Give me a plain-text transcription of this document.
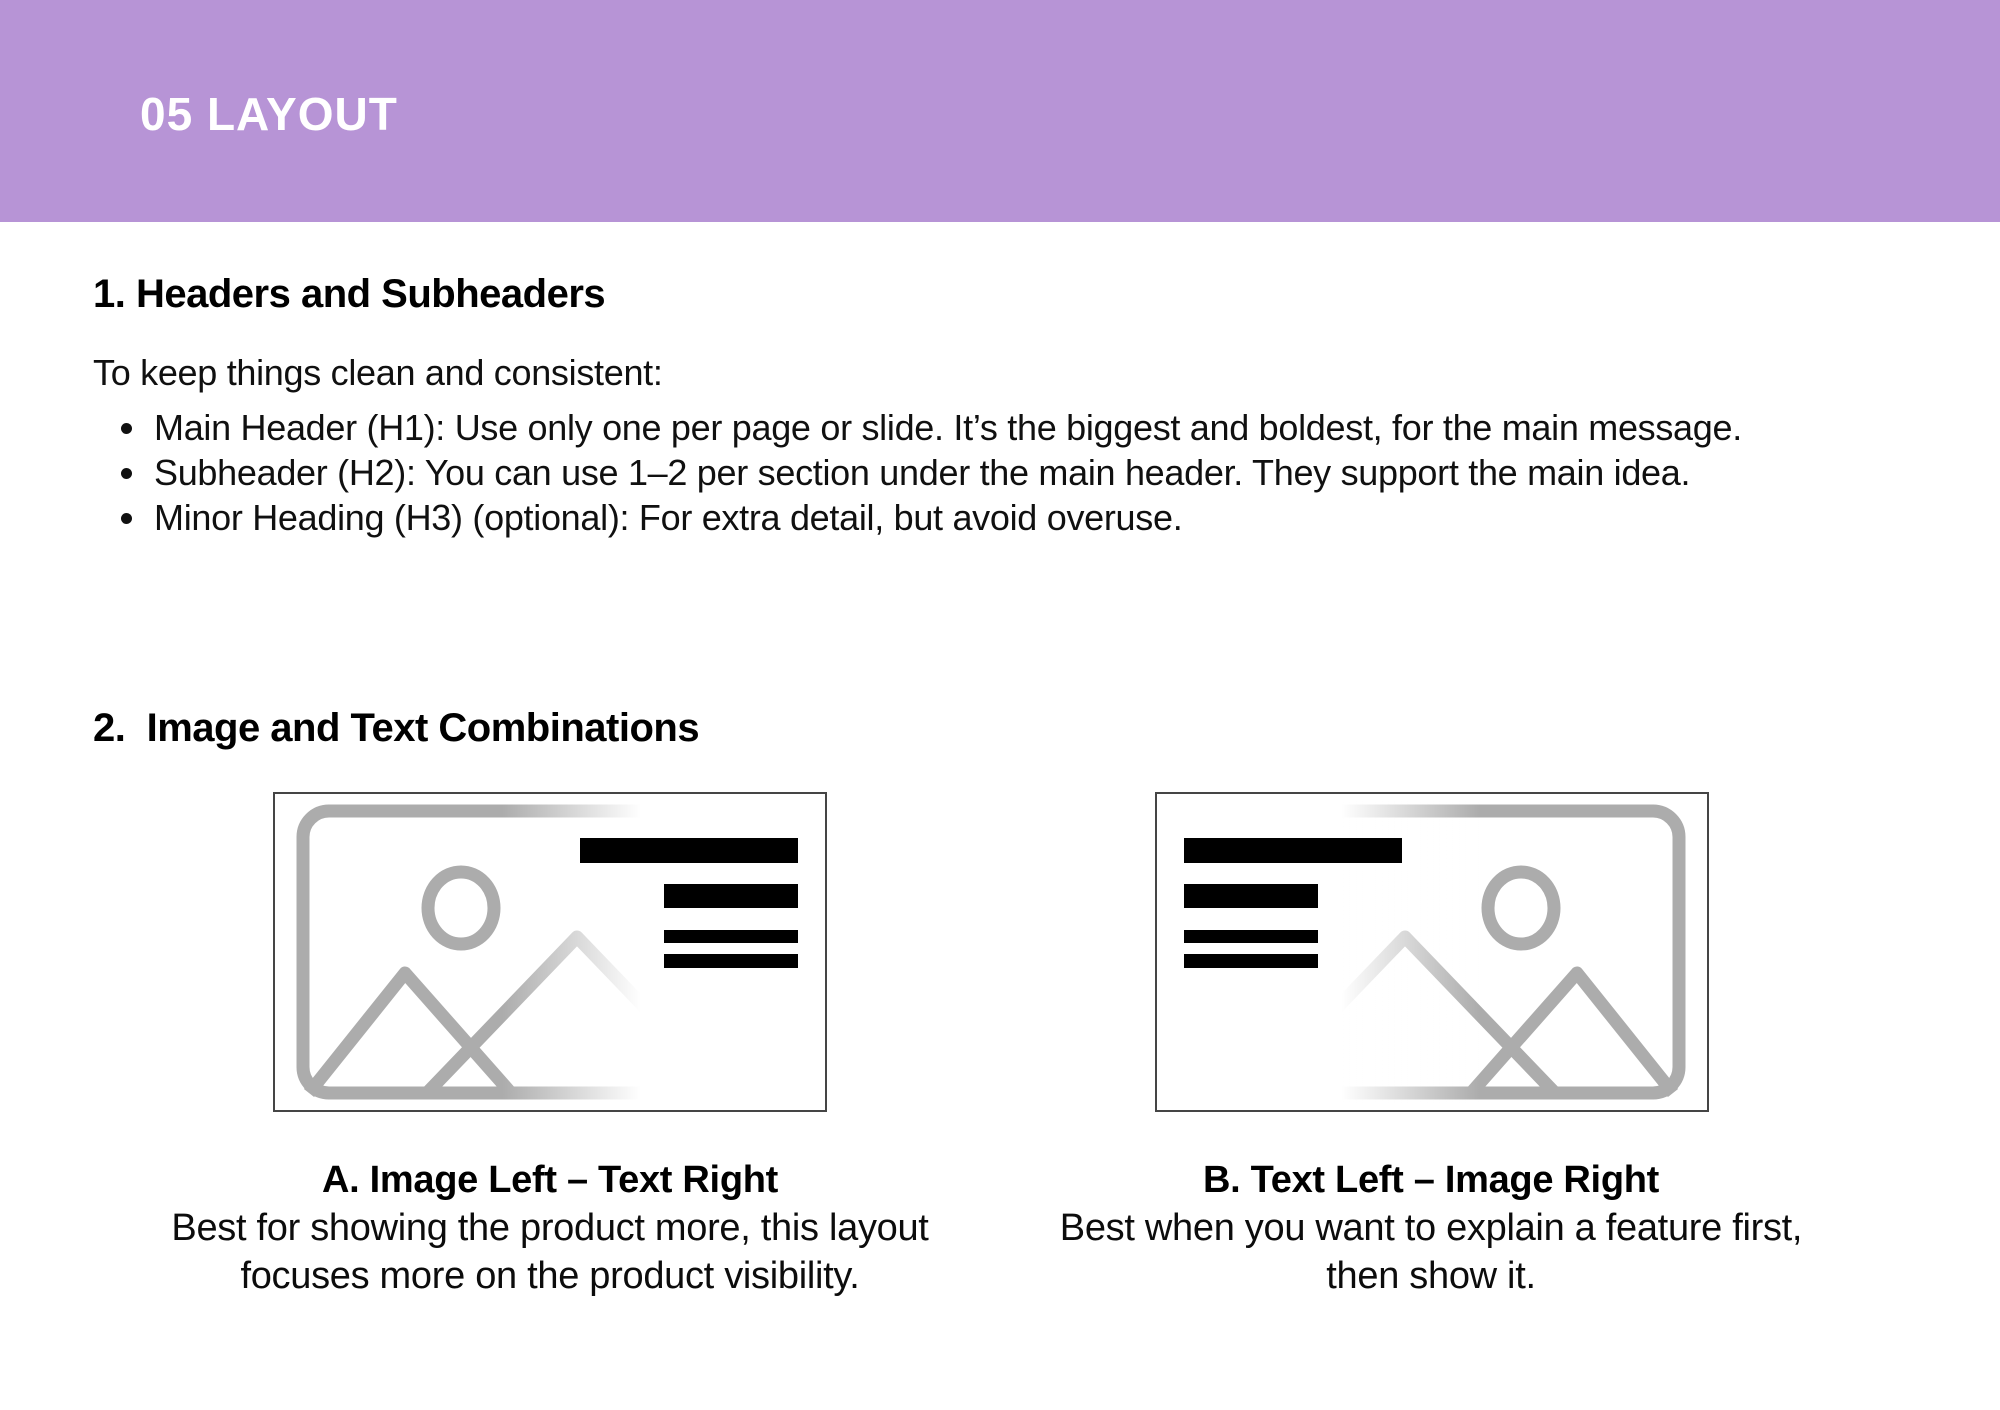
05 LAYOUT
1. Headers and Subheaders
To keep things clean and consistent:
• Main Header (H1): Use only one per page or slide. It’s the biggest and boldest, for the main message.
• Subheader (H2): You can use 1–2 per section under the main header. They support the main idea.
• Minor Heading (H3) (optional): For extra detail, but avoid overuse.
2.  Image and Text Combinations
A. Image Left – Text Right
Best for showing the product more, this layout focuses more on the product visibility.
B. Text Left – Image Right
Best when you want to explain a feature first, then show it.
